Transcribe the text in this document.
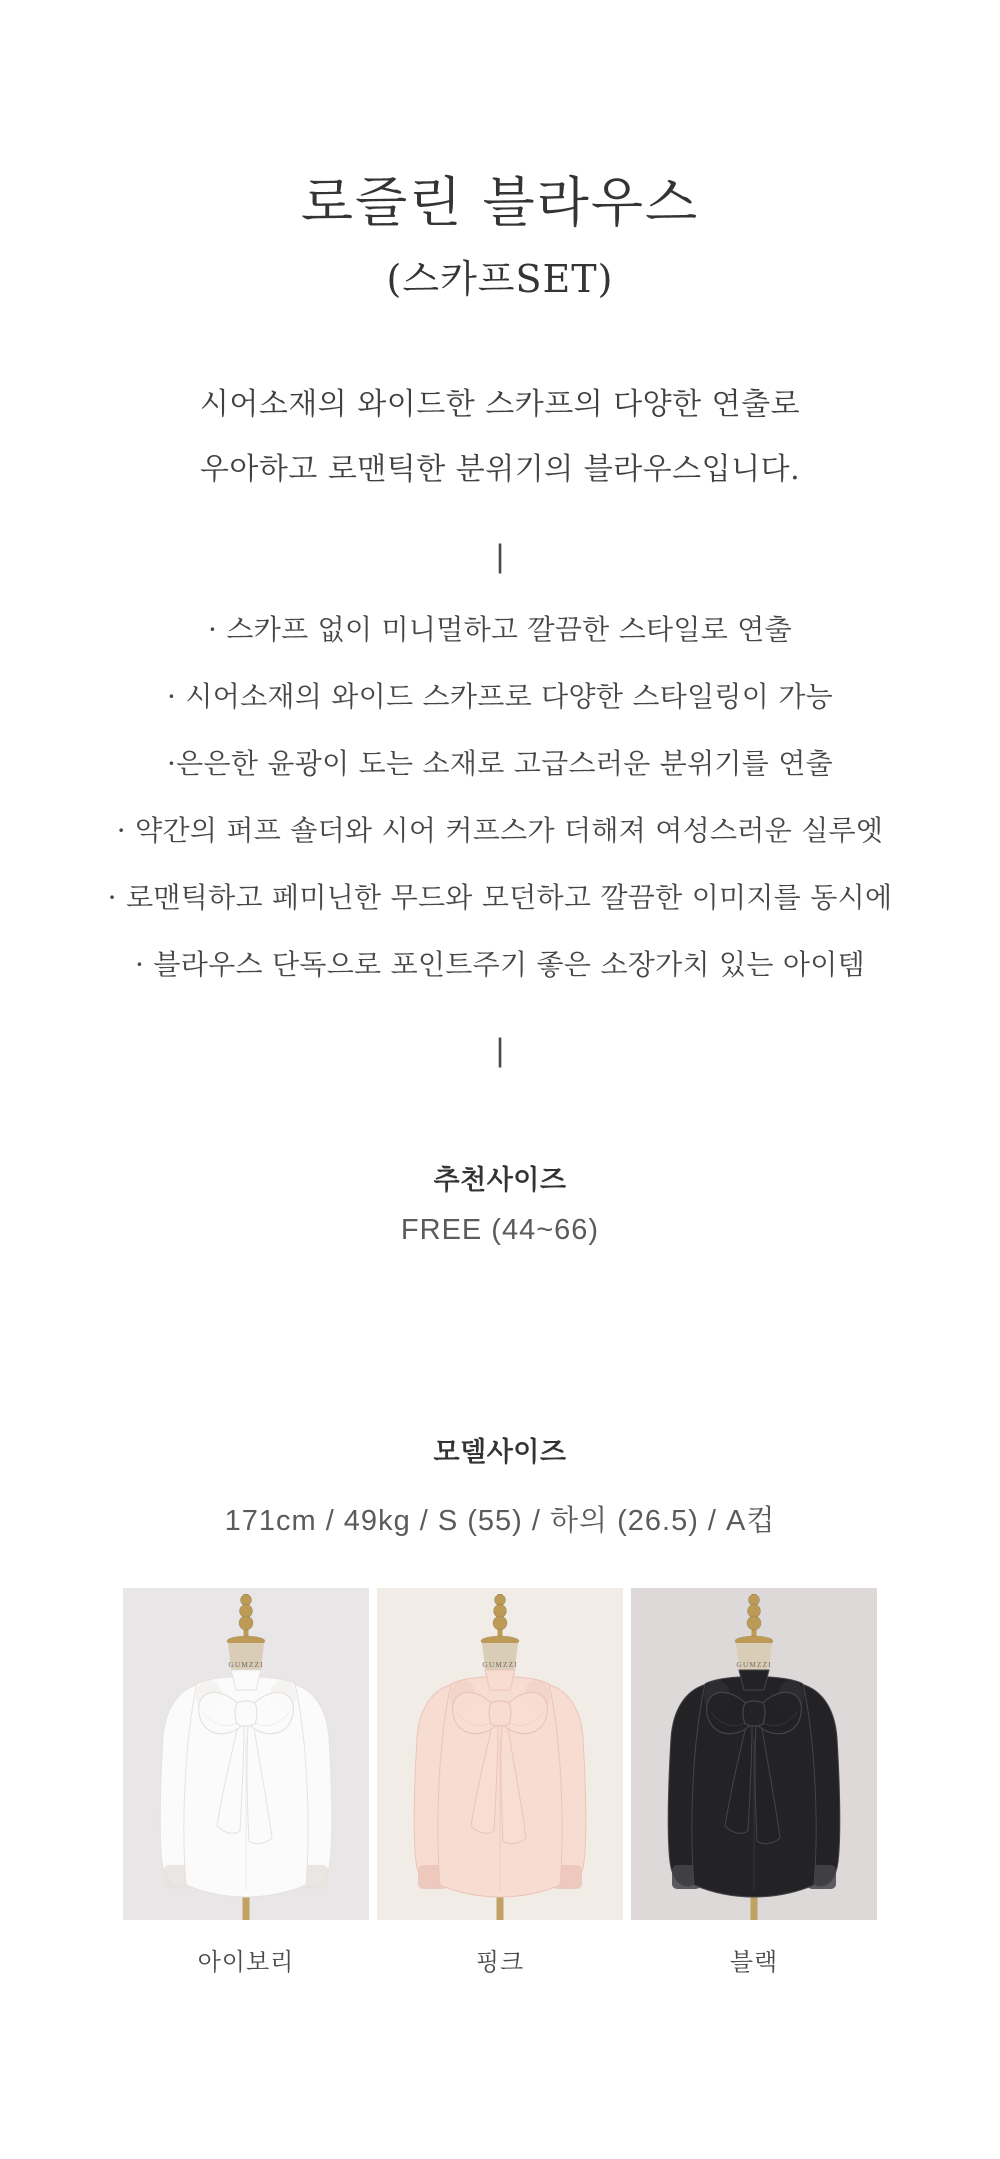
로즐린 블라우스
(스카프SET)
시어소재의 와이드한 스카프의 다양한 연출로
우아하고 로맨틱한 분위기의 블라우스입니다.
|
· 스카프 없이 미니멀하고 깔끔한 스타일로 연출
· 시어소재의 와이드 스카프로 다양한 스타일링이 가능
·은은한 윤광이 도는 소재로 고급스러운 분위기를 연출
· 약간의 퍼프 숄더와 시어 커프스가 더해져 여성스러운 실루엣
· 로맨틱하고 페미닌한 무드와 모던하고 깔끔한 이미지를 동시에
· 블라우스 단독으로 포인트주기 좋은 소장가치 있는 아이템
|
추천사이즈
FREE (44~66)
모델사이즈
171cm / 49kg / S (55) / 하의 (26.5) / A컵
아이보리	핑크	블랙
